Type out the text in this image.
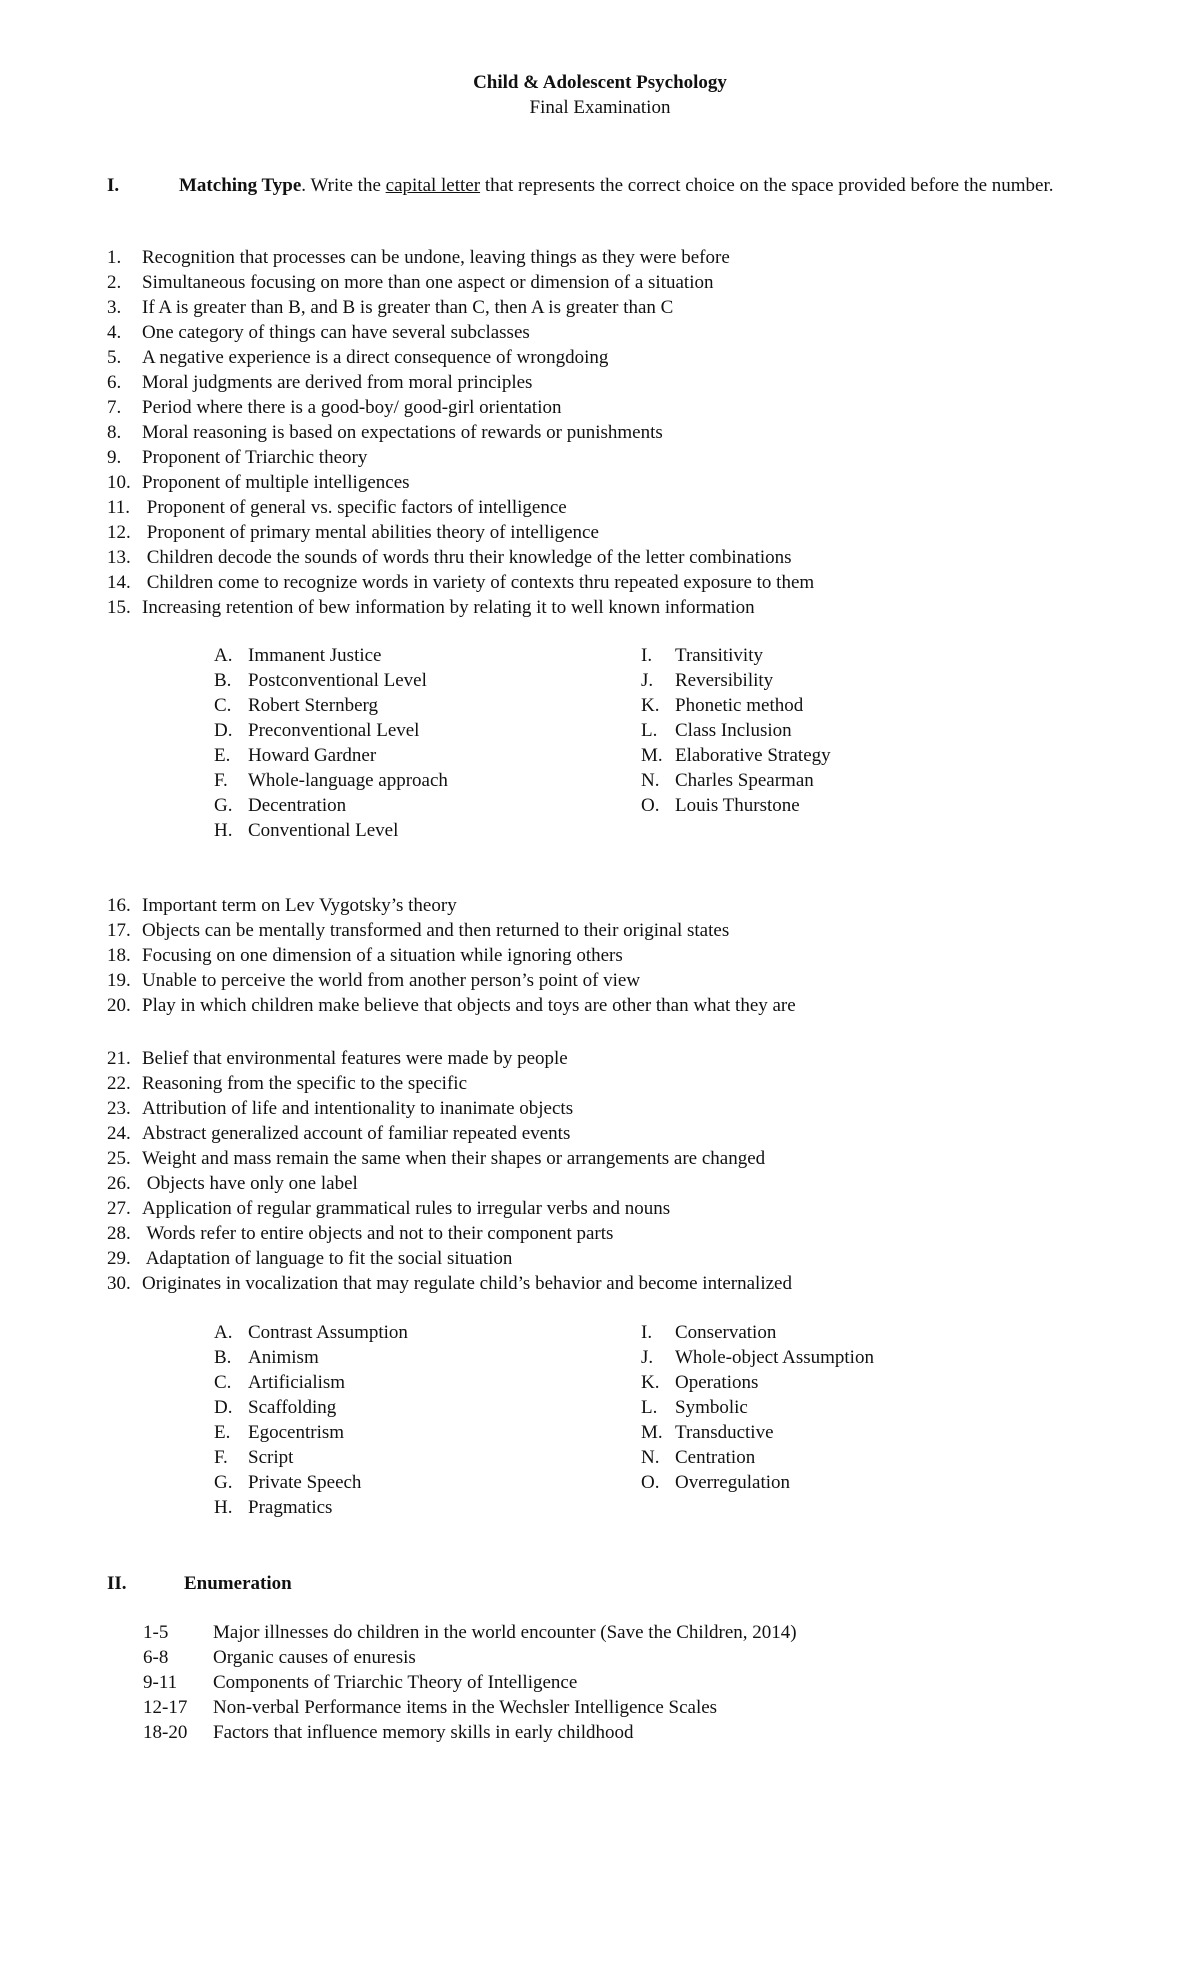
Child & Adolescent Psychology
Final Examination
I.	Matching Type. Write the capital letter that represents the correct choice on the space provided before the number.
1.	Recognition that processes can be undone, leaving things as they were before
2.	Simultaneous focusing on more than one aspect or dimension of a situation
3.	If A is greater than B, and B is greater than C, then A is greater than C
4.	One category of things can have several subclasses
5.	A negative experience is a direct consequence of wrongdoing
6.	Moral judgments are derived from moral principles
7.	Period where there is a good-boy/ good-girl orientation
8.	Moral reasoning is based on expectations of rewards or punishments
9.	Proponent of Triarchic theory
10. Proponent of multiple intelligences
11. Proponent of general vs. specific factors of intelligence
12. Proponent of primary mental abilities theory of intelligence
13. Children decode the sounds of words thru their knowledge of the letter combinations
14. Children come to recognize words in variety of contexts thru repeated exposure to them
15. Increasing retention of bew information by relating it to well known information
A. Immanent Justice
B. Postconventional Level
C. Robert Sternberg
D. Preconventional Level
E. Howard Gardner
F.	Whole-language approach
G. Decentration
H. Conventional Level
I.	Transitivity
J.	Reversibility
K. Phonetic method
L. Class Inclusion
M. Elaborative Strategy
N. Charles Spearman
O. Louis Thurstone
16. Important term on Lev Vygotsky’s theory
17. Objects can be mentally transformed and then returned to their original states
18. Focusing on one dimension of a situation while ignoring others
19. Unable to perceive the world from another person’s point of view
20. Play in which children make believe that objects and toys are other than what they are
21. Belief that environmental features were made by people
22. Reasoning from the specific to the specific
23. Attribution of life and intentionality to inanimate objects
24. Abstract generalized account of familiar repeated events
25. Weight and mass remain the same when their shapes or arrangements are changed
26. Objects have only one label
27. Application of regular grammatical rules to irregular verbs and nouns
28. Words refer to entire objects and not to their component parts
29. Adaptation of language to fit the social situation
30. Originates in vocalization that may regulate child’s behavior and become internalized
A. Contrast Assumption
B. Animism
C. Artificialism
D. Scaffolding
E. Egocentrism
F.	Script
G. Private Speech
H. Pragmatics
I.	Conservation
J.	Whole-object Assumption
K. Operations
L. Symbolic
M. Transductive
N. Centration
O. Overregulation
II.	Enumeration
1-5	Major illnesses do children in the world encounter (Save the Children, 2014)
6-8	Organic causes of enuresis
9-11	Components of Triarchic Theory of Intelligence
12-17	Non-verbal Performance items in the Wechsler Intelligence Scales
18-20	Factors that influence memory skills in early childhood
